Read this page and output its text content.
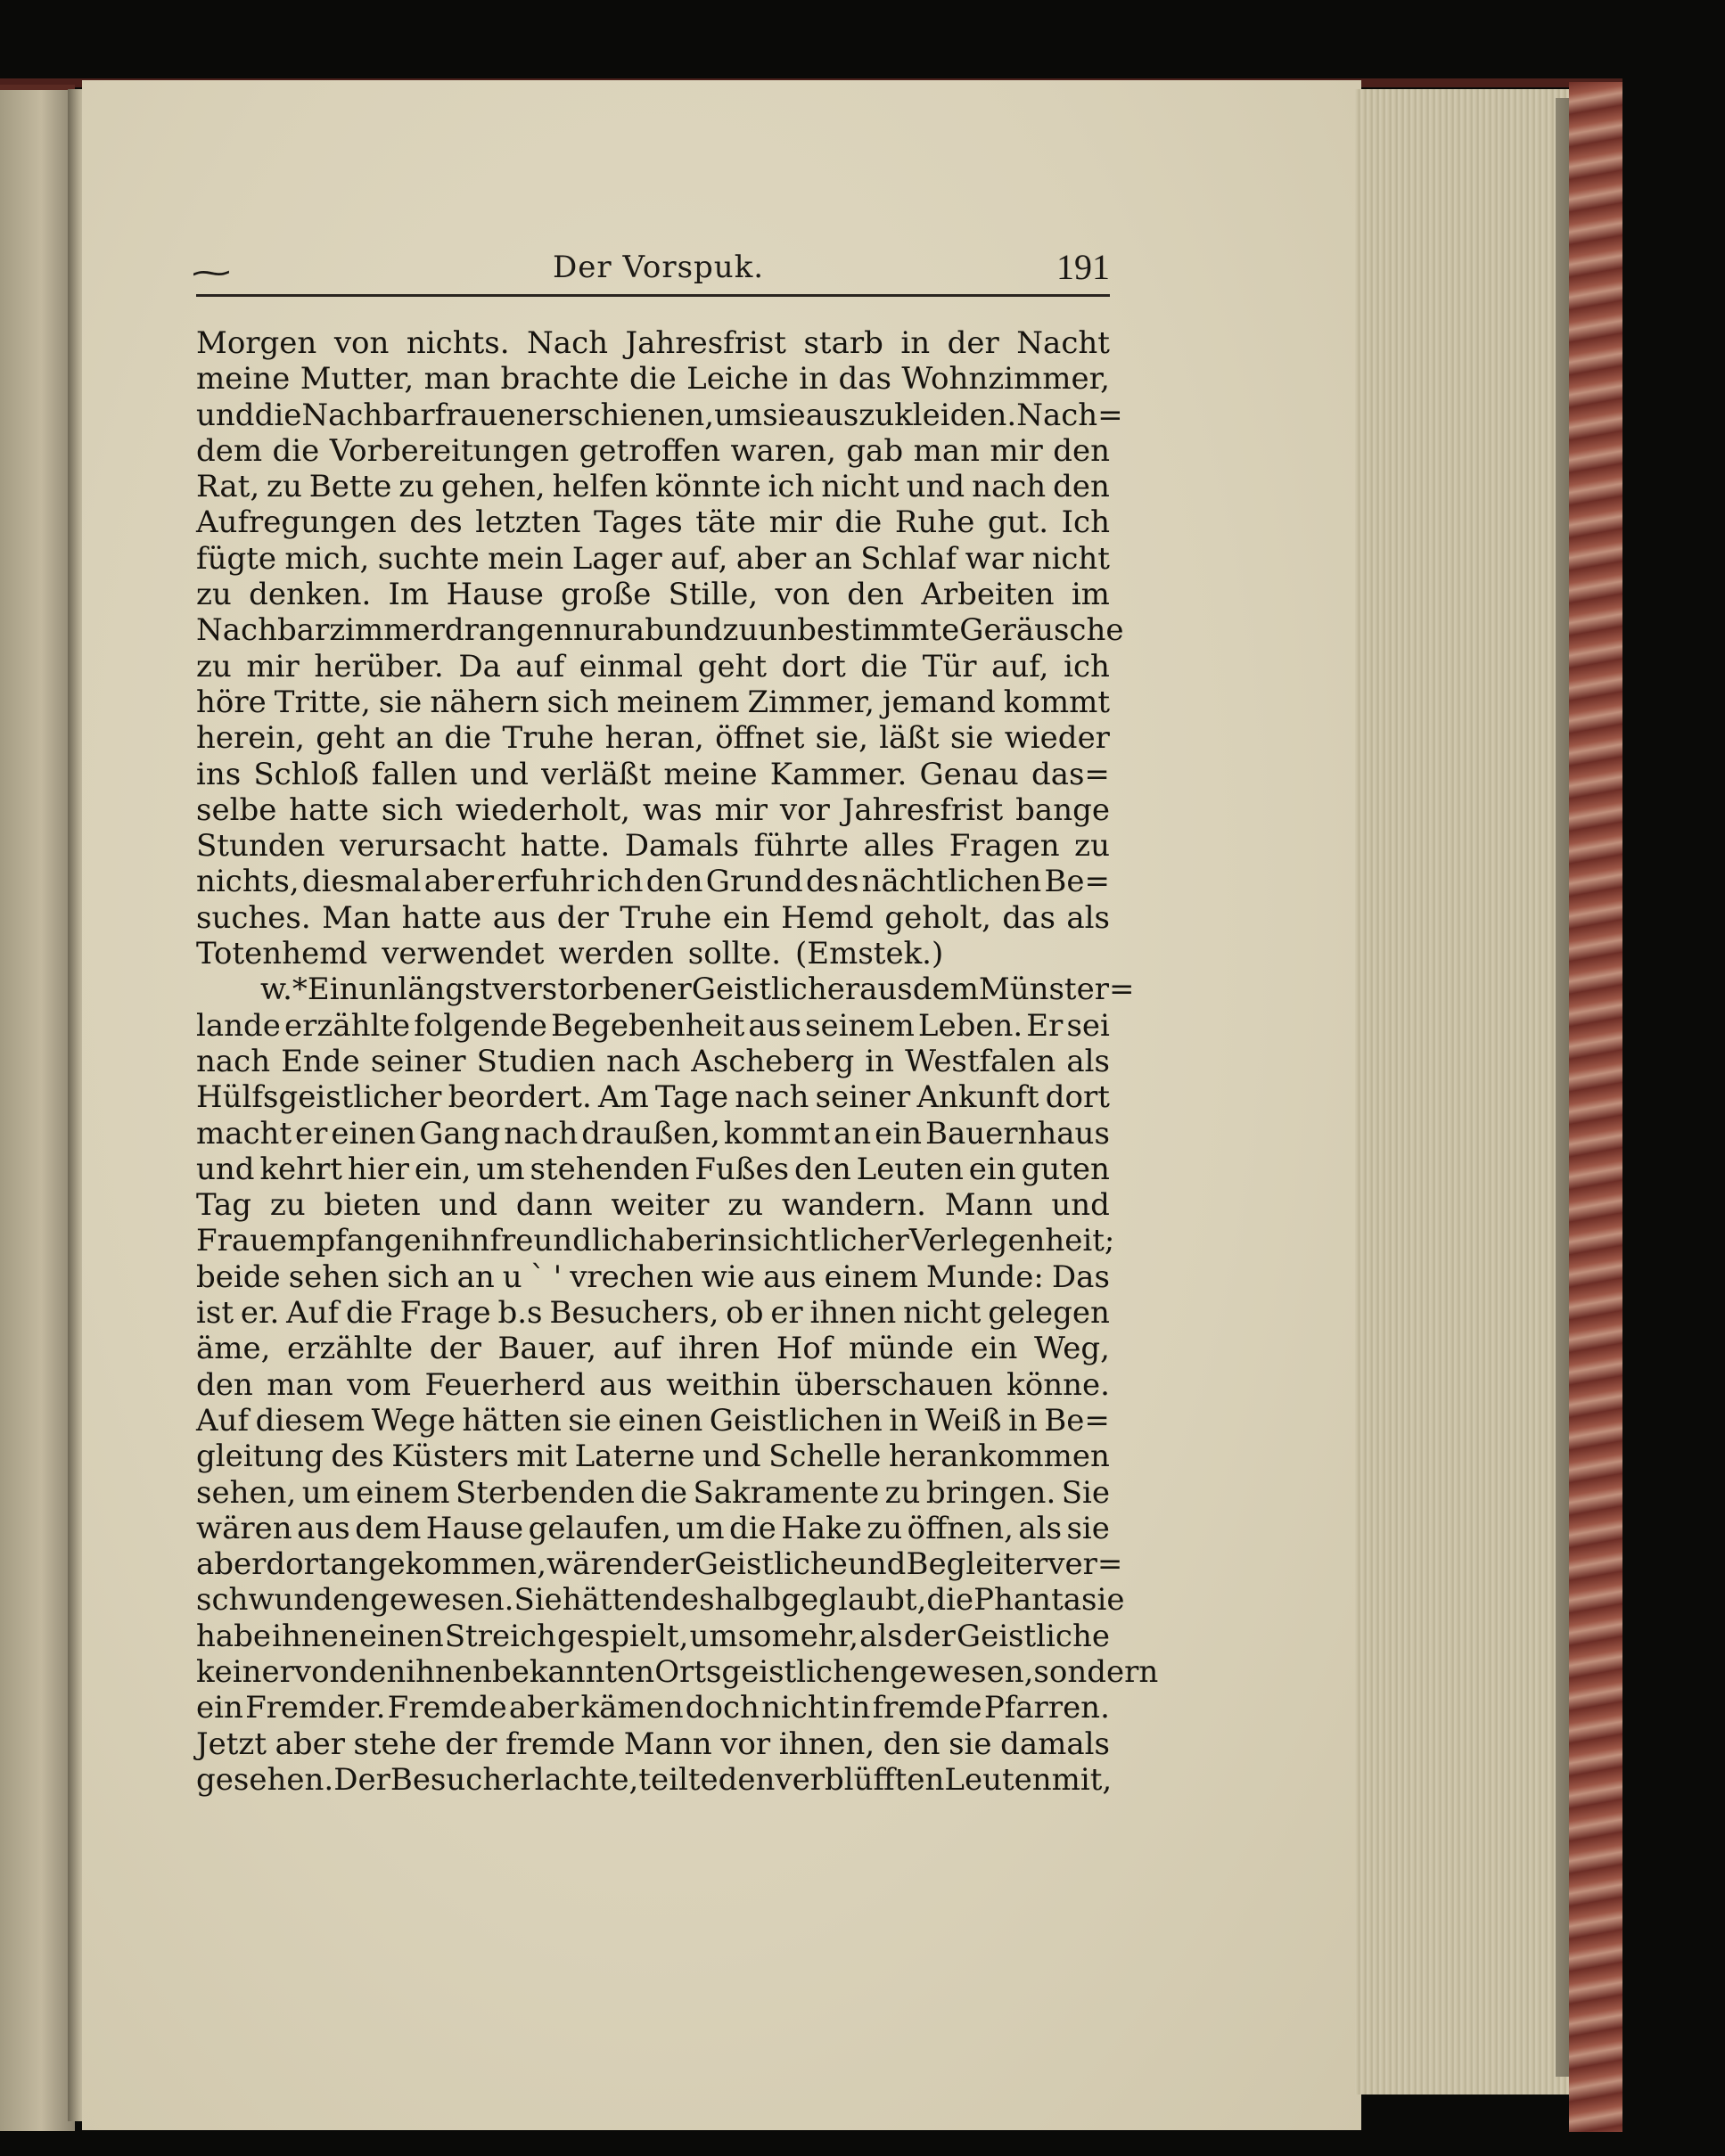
⁓	Der Vorspuk.	191
Morgen von nichts. Nach Jahresfrist starb in der Nacht
meine Mutter, man brachte die Leiche in das Wohnzimmer,
und die Nachbarfrauen erschienen, um sie auszukleiden. Nach=
dem die Vorbereitungen getroffen waren, gab man mir den
Rat, zu Bette zu gehen, helfen könnte ich nicht und nach den
Aufregungen des letzten Tages täte mir die Ruhe gut. Ich
fügte mich, suchte mein Lager auf, aber an Schlaf war nicht
zu denken. Im Hause große Stille, von den Arbeiten im
Nachbarzimmer drangen nur ab und zu unbestimmte Geräusche
zu mir herüber. Da auf einmal geht dort die Tür auf, ich
höre Tritte, sie nähern sich meinem Zimmer, jemand kommt
herein, geht an die Truhe heran, öffnet sie, läßt sie wieder
ins Schloß fallen und verläßt meine Kammer. Genau das=
selbe hatte sich wiederholt, was mir vor Jahresfrist bange
Stunden verursacht hatte. Damals führte alles Fragen zu
nichts, diesmal aber erfuhr ich den Grund des nächtlichen Be=
suches. Man hatte aus der Truhe ein Hemd geholt, das als
Totenhemd verwendet werden sollte. (Emstek.)
w. *Ein unlängst verstorbener Geistlicher aus dem Münster=
lande erzählte folgende Begebenheit aus seinem Leben. Er sei
nach Ende seiner Studien nach Ascheberg in Westfalen als
Hülfsgeistlicher beordert. Am Tage nach seiner Ankunft dort
macht er einen Gang nach draußen, kommt an ein Bauernhaus
und kehrt hier ein, um stehenden Fußes den Leuten ein guten
Tag zu bieten und dann weiter zu wandern. Mann und
Frau empfangen ihn freundlich aber in sichtlicher Verlegenheit;
beide sehen sich an u ` ' vrechen wie aus einem Munde: Das
ist er. Auf die Frage b.s Besuchers, ob er ihnen nicht gelegen
äme, erzählte der Bauer, auf ihren Hof münde ein Weg,
den man vom Feuerherd aus weithin überschauen könne.
Auf diesem Wege hätten sie einen Geistlichen in Weiß in Be=
gleitung des Küsters mit Laterne und Schelle herankommen
sehen, um einem Sterbenden die Sakramente zu bringen. Sie
wären aus dem Hause gelaufen, um die Hake zu öffnen, als sie
aber dort angekommen, wären der Geistliche und Begleiter ver=
schwunden gewesen. Sie hätten deshalb geglaubt, die Phantasie
habe ihnen einen Streich gespielt, umsomehr, als der Geistliche
keiner von den ihnen bekannten Ortsgeistlichen gewesen, sondern
ein Fremder. Fremde aber kämen doch nicht in fremde Pfarren.
Jetzt aber stehe der fremde Mann vor ihnen, den sie damals
gesehen. Der Besucher lachte, teilte den verblüfften Leuten mit,
